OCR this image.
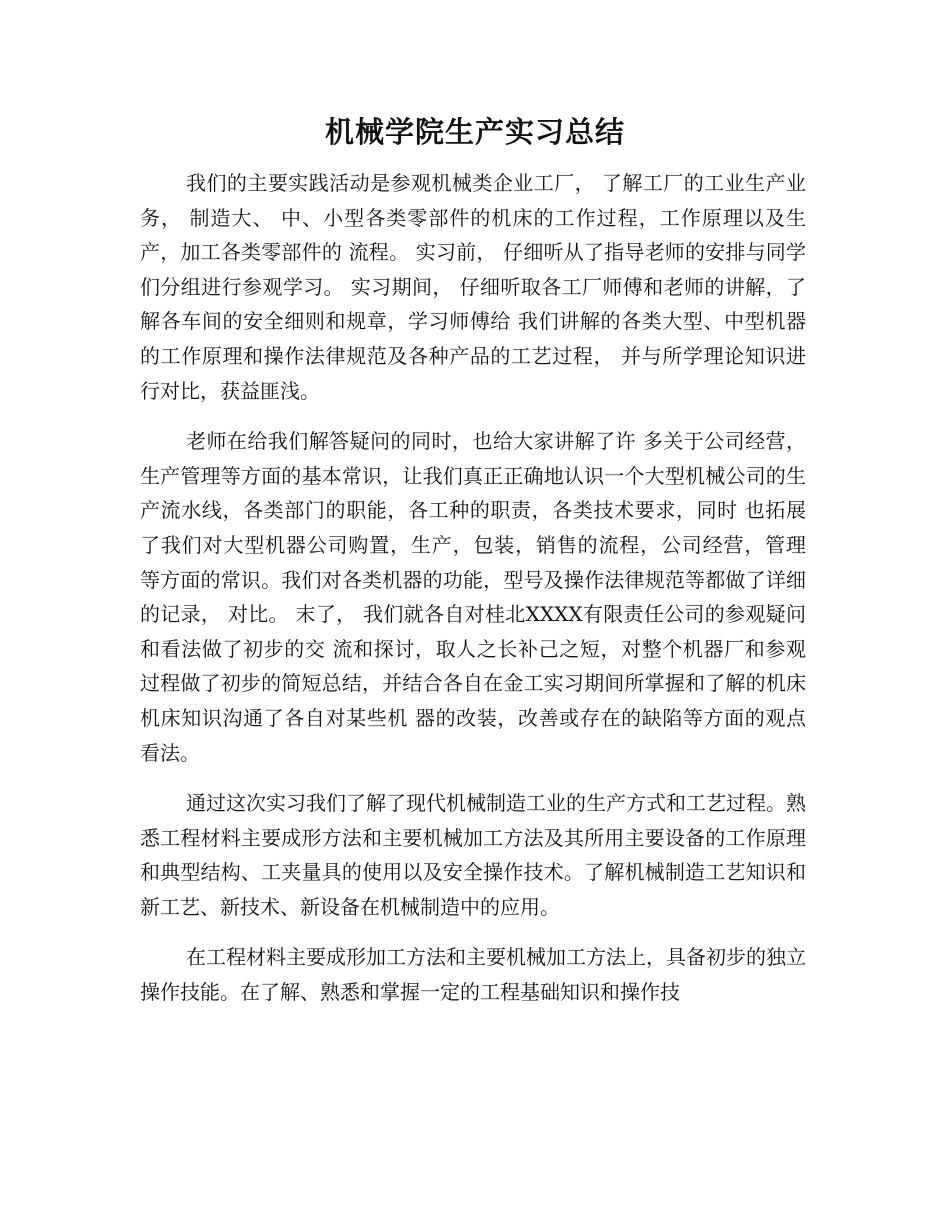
机械学院生产实习总结

我们的主要实践活动是参观机械类企业工厂， 了解工厂的工业生产业务， 制造大、 中、小型各类零部件的机床的工作过程，工作原理以及生产，加工各类零部件的 流程。 实习前， 仔细听从了指导老师的安排与同学们分组进行参观学习。 实习期间， 仔细听取各工厂师傅和老师的讲解，了解各车间的安全细则和规章，学习师傅给 我们讲解的各类大型、中型机器的工作原理和操作法律规范及各种产品的工艺过程， 并与所学理论知识进行对比，获益匪浅。

老师在给我们解答疑问的同时，也给大家讲解了许 多关于公司经营，生产管理等方面的基本常识，让我们真正正确地认识一个大型机械公司的生产流水线，各类部门的职能，各工种的职责，各类技术要求，同时 也拓展了我们对大型机器公司购置，生产，包装，销售的流程，公司经营，管理 等方面的常识。我们对各类机器的功能，型号及操作法律规范等都做了详细的记录， 对比。 末了， 我们就各自对桂北XXXX有限责任公司的参观疑问和看法做了初步的交 流和探讨，取人之长补己之短，对整个机器厂和参观过程做了初步的简短总结，并结合各自在金工实习期间所掌握和了解的机床机床知识沟通了各自对某些机 器的改装，改善或存在的缺陷等方面的观点看法。

通过这次实习我们了解了现代机械制造工业的生产方式和工艺过程。熟悉工程材料主要成形方法和主要机械加工方法及其所用主要设备的工作原理和典型结构、工夹量具的使用以及安全操作技术。了解机械制造工艺知识和新工艺、新技术、新设备在机械制造中的应用。

在工程材料主要成形加工方法和主要机械加工方法上，具备初步的独立操作技能。在了解、熟悉和掌握一定的工程基础知识和操作技
